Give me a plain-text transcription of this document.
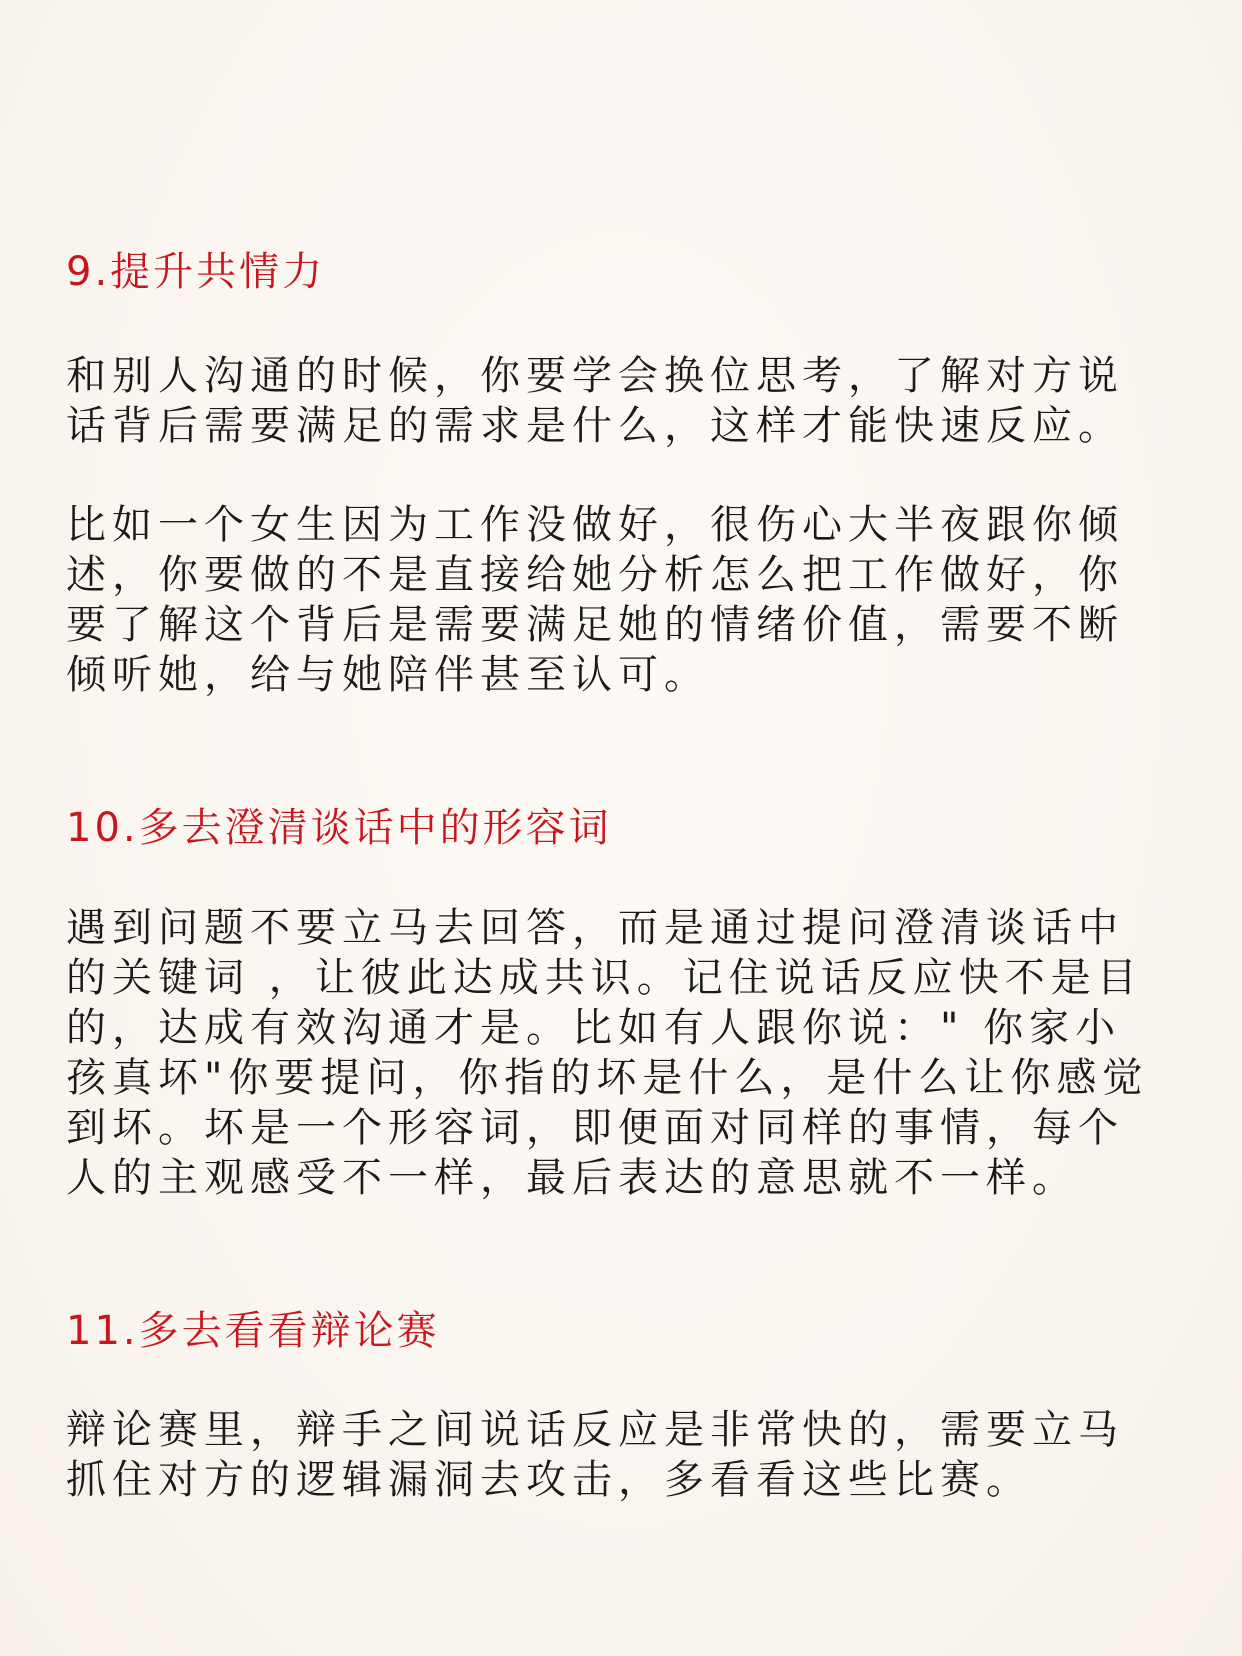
9.提升共情力
和别人沟通的时候，你要学会换位思考，了解对方说
话背后需要满足的需求是什么，这样才能快速反应。
比如一个女生因为工作没做好，很伤心大半夜跟你倾
述，你要做的不是直接给她分析怎么把工作做好，你
要了解这个背后是需要满足她的情绪价值，需要不断
倾听她，给与她陪伴甚至认可。
10.多去澄清谈话中的形容词
遇到问题不要立马去回答，而是通过提问澄清谈话中
的关键词 ，让彼此达成共识。记住说话反应快不是目
的，达成有效沟通才是。比如有人跟你说：" 你家小
孩真坏"你要提问，你指的坏是什么，是什么让你感觉
到坏。坏是一个形容词，即便面对同样的事情，每个
人的主观感受不一样，最后表达的意思就不一样。
11.多去看看辩论赛
辩论赛里，辩手之间说话反应是非常快的，需要立马
抓住对方的逻辑漏洞去攻击，多看看这些比赛。
